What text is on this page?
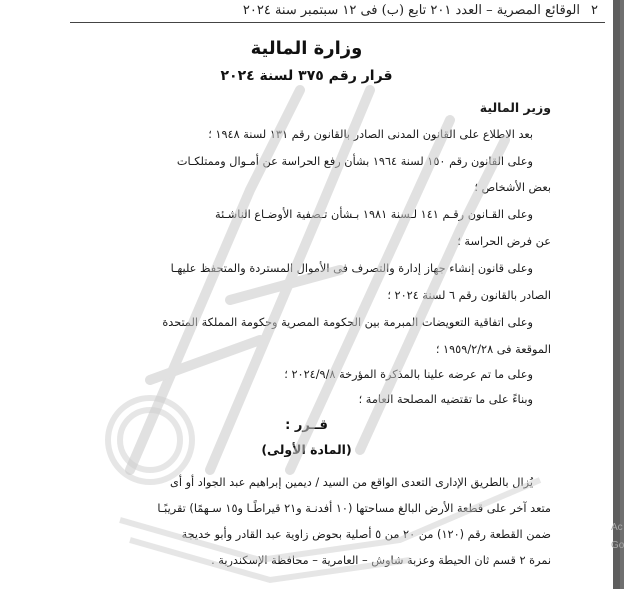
٢
الوقائع المصرية – العدد ٢٠١ تابع (ب) فى ١٢ سبتمبر سنة ٢٠٢٤
وزارة المالية
قرار رقم ٣٧٥ لسنة ٢٠٢٤
وزير المالية
بعد الاطلاع على القانون المدنى الصادر بالقانون رقم ١٣١ لسنة ١٩٤٨ ؛
وعلى القانون رقم ١٥٠ لسنة ١٩٦٤ بشأن رفع الحراسة عن أمـوال وممتلكـات
بعض الأشخاص ؛
وعلى القـانون رقـم ١٤١ لـسنة ١٩٨١ بـشأن تـصفية الأوضـاع الناشـئة
عن فرض الحراسة ؛
وعلى قانون إنشاء جهاز إدارة والتصرف فى الأموال المستردة والمتحفظ عليهـا
الصادر بالقانون رقم ٦ لسنة ٢٠٢٤ ؛
وعلى اتفاقية التعويضات المبرمة بين الحكومة المصرية وحكومة المملكة المتحدة
الموقعة فى ١٩٥٩/٢/٢٨ ؛
وعلى ما تم عرضه علينا بالمذكرة المؤرخة ٢٠٢٤/٩/٨ ؛
وبناءً على ما تقتضيه المصلحة العامة ؛
قــرر :
(المادة الأولى)
يُزال بالطريق الإدارى التعدى الواقع من السيد / ديمين إبراهيم عبد الجواد أو أى
متعد آخر على قطعة الأرض البالغ مساحتها (١٠ أفدنـة و٢١ قيراطًـا و١٥ سـهمًا) تقريبًـا
ضمن القطعة رقم (١٢٠) من ٢٠ من ٥ أصلية بحوض زاوية عبد القادر وأبو خديجة
نمرة ٢ قسم ثان الحيطة وعزبة شاوش – العامرية – محافظة الإسكندرية .
Ac
Go
